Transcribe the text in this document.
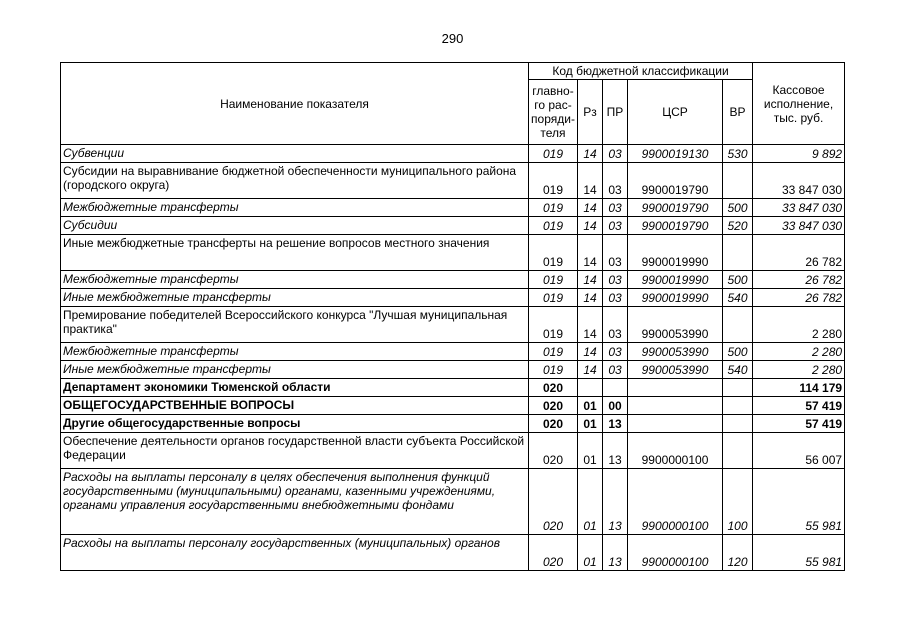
290
Наименование показателя	Код бюджетной классификации					Кассовое исполнение, тыс. руб.
	главно-го рас-поряди-теля	Рз	ПР	ЦСР	ВР	
Субвенции	019	14	03	9900019130	530	9 892
Субсидии на выравнивание бюджетной обеспеченности муниципального района (городского округа)	019	14	03	9900019790		33 847 030
Межбюджетные трансферты	019	14	03	9900019790	500	33 847 030
Субсидии	019	14	03	9900019790	520	33 847 030
Иные межбюджетные трансферты на решение вопросов местного значения	019	14	03	9900019990		26 782
Межбюджетные трансферты	019	14	03	9900019990	500	26 782
Иные межбюджетные трансферты	019	14	03	9900019990	540	26 782
Премирование победителей Всероссийского конкурса "Лучшая муниципальная практика"	019	14	03	9900053990		2 280
Межбюджетные трансферты	019	14	03	9900053990	500	2 280
Иные межбюджетные трансферты	019	14	03	9900053990	540	2 280
Департамент экономики Тюменской области	020					114 179
ОБЩЕГОСУДАРСТВЕННЫЕ ВОПРОСЫ	020	01	00			57 419
Другие общегосударственные вопросы	020	01	13			57 419
Обеспечение деятельности органов государственной власти субъекта Российской Федерации	020	01	13	9900000100		56 007
Расходы на выплаты персоналу в целях обеспечения выполнения функций государственными (муниципальными) органами, казенными учреждениями, органами управления государственными внебюджетными фондами	020	01	13	9900000100	100	55 981
Расходы на выплаты персоналу государственных (муниципальных) органов	020	01	13	9900000100	120	55 981
